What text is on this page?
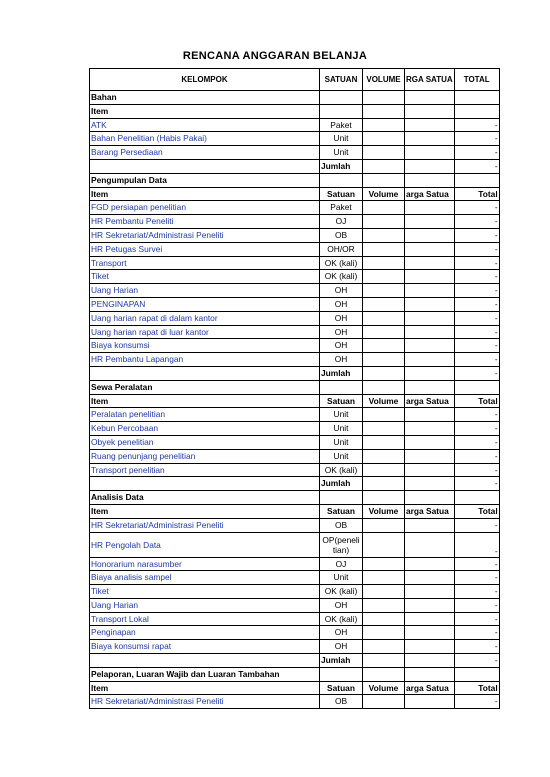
RENCANA ANGGARAN BELANJA
KELOMPOK	SATUAN	VOLUME	RGA SATUA	TOTAL
Bahan				
Item				
ATK	Paket			-
Bahan Penelitian (Habis Pakai)	Unit			-
Barang Persediaan	Unit			-
	Jumlah			-
Pengumpulan Data				
Item	Satuan	Volume	arga Satua	Total
FGD persiapan penelitian	Paket			-
HR Pembantu Peneliti	OJ			-
HR Sekretariat/Administrasi Peneliti	OB			-
HR Petugas Survei	OH/OR			-
Transport	OK (kali)			-
Tiket	OK (kali)			-
Uang Harian	OH			-
PENGINAPAN	OH			-
Uang harian rapat di dalam kantor	OH			-
Uang harian rapat di luar kantor	OH			-
Biaya konsumsi	OH			-
HR Pembantu Lapangan	OH			-
	Jumlah			-
Sewa Peralatan				
Item	Satuan	Volume	arga Satua	Total
Peralatan penelitian	Unit			-
Kebun Percobaan	Unit			-
Obyek penelitian	Unit			-
Ruang penunjang penelitian	Unit			-
Transport penelitian	OK (kali)			-
	Jumlah			-
Analisis Data				
Item	Satuan	Volume	arga Satua	Total
HR Sekretariat/Administrasi Peneliti	OB			-
HR Pengolah Data	OP(peneli tian)			-
Honorarium narasumber	OJ			-
Biaya analisis sampel	Unit			-
Tiket	OK (kali)			-
Uang Harian	OH			-
Transport Lokal	OK (kali)			-
Penginapan	OH			-
Biaya konsumsi rapat	OH			-
	Jumlah			-
Pelaporan, Luaran Wajib dan Luaran Tambahan				
Item	Satuan	Volume	arga Satua	Total
HR Sekretariat/Administrasi Peneliti	OB			-
